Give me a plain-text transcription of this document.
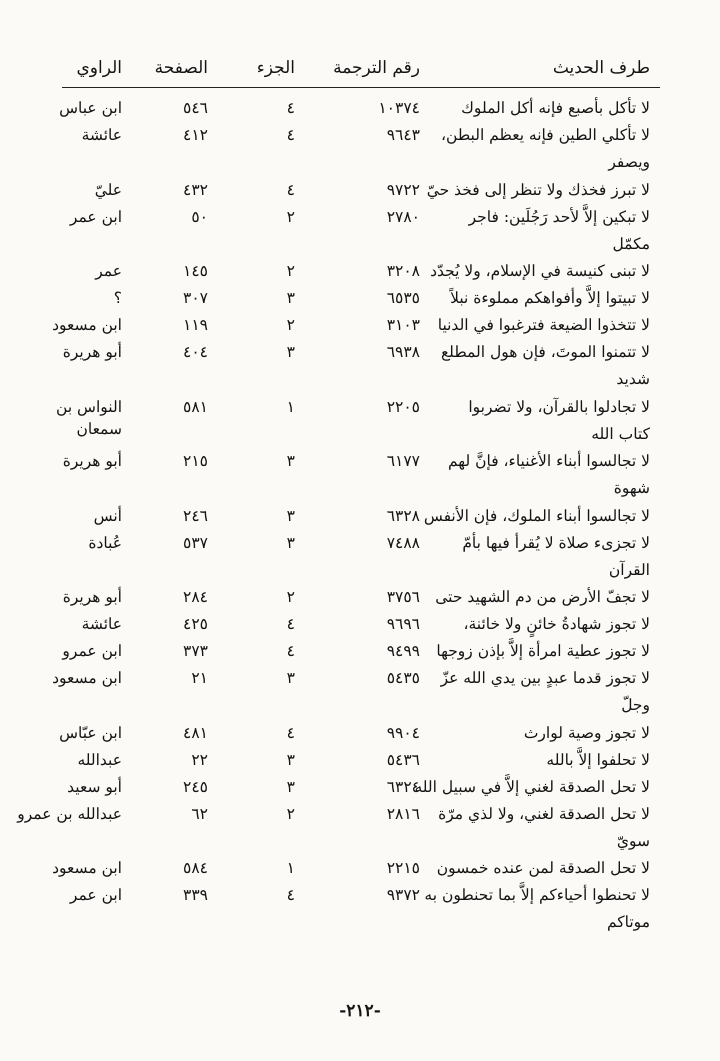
طرف الحديث
رقم الترجمة
الجزء
الصفحة
الراوي
لا تأكل بأصبع فإنه أكل الملوك
١٠٣٧٤
٤
٥٤٦
ابن عباس
لا تأكلي الطين فإنه يعظم البطن،
٩٦٤٣
٤
٤١٢
عائشة
ويصفر
لا تبرز فخذك ولا تنظر إلى فخذ حيّ
٩٧٢٢
٤
٤٣٢
عليّ
لا تبكين إلاَّ لأحد رَجُلَين: فاجر
٢٧٨٠
٢
٥٠
ابن عمر
مكمّل
لا تبنى كنيسة في الإسلام، ولا يُجدّد
٣٢٠٨
٢
١٤٥
عمر
لا تبيتوا إلاَّ وأفواهكم مملوءة نبلاً
٦٥٣٥
٣
٣٠٧
؟
لا تتخذوا الضيعة فترغبوا في الدنيا
٣١٠٣
٢
١١٩
ابن مسعود
لا تتمنوا الموتَ، فإن هول المطلع
٦٩٣٨
٣
٤٠٤
أبو هريرة
شديد
لا تجادلوا بالقرآن، ولا تضربوا
٢٢٠٥
١
٥٨١
النواس بن
كتاب الله
سمعان
لا تجالسوا أبناء الأغنياء، فإنَّ لهم
٦١٧٧
٣
٢١٥
أبو هريرة
شهوة
لا تجالسوا أبناء الملوك، فإن الأنفس
٦٣٢٨
٣
٢٤٦
أنس
لا تجزىء صلاة لا يُقرأ فيها بأمّ
٧٤٨٨
٣
٥٣٧
عُبادة
القرآن
لا تجفّ الأرض من دم الشهيد حتى
٣٧٥٦
٢
٢٨٤
أبو هريرة
لا تجوز شهادةُ خائنٍ ولا خائنة،
٩٦٩٦
٤
٤٢٥
عائشة
لا تجوز عطية امرأة إلاَّ بإذن زوجها
٩٤٩٩
٤
٣٧٣
ابن عمرو
لا تجوز قدما عبدٍ بين يدي الله عزّ
٥٤٣٥
٣
٢١
ابن مسعود
وجلّ
لا تجوز وصية لوارث
٩٩٠٤
٤
٤٨١
ابن عبّاس
لا تحلفوا إلاَّ بالله
٥٤٣٦
٣
٢٢
عبدالله
لا تحل الصدقة لغني إلاَّ في سبيل الله
٦٣٢٤
٣
٢٤٥
أبو سعيد
لا تحل الصدقة لغني، ولا لذي مرّة
٢٨١٦
٢
٦٢
عبدالله بن عمرو
سويّ
لا تحل الصدقة لمن عنده خمسون
٢٢١٥
١
٥٨٤
ابن مسعود
لا تحنطوا أحياءكم إلاَّ بما تحنطون به
٩٣٧٢
٤
٣٣٩
ابن عمر
موتاكم
-٢١٢-
